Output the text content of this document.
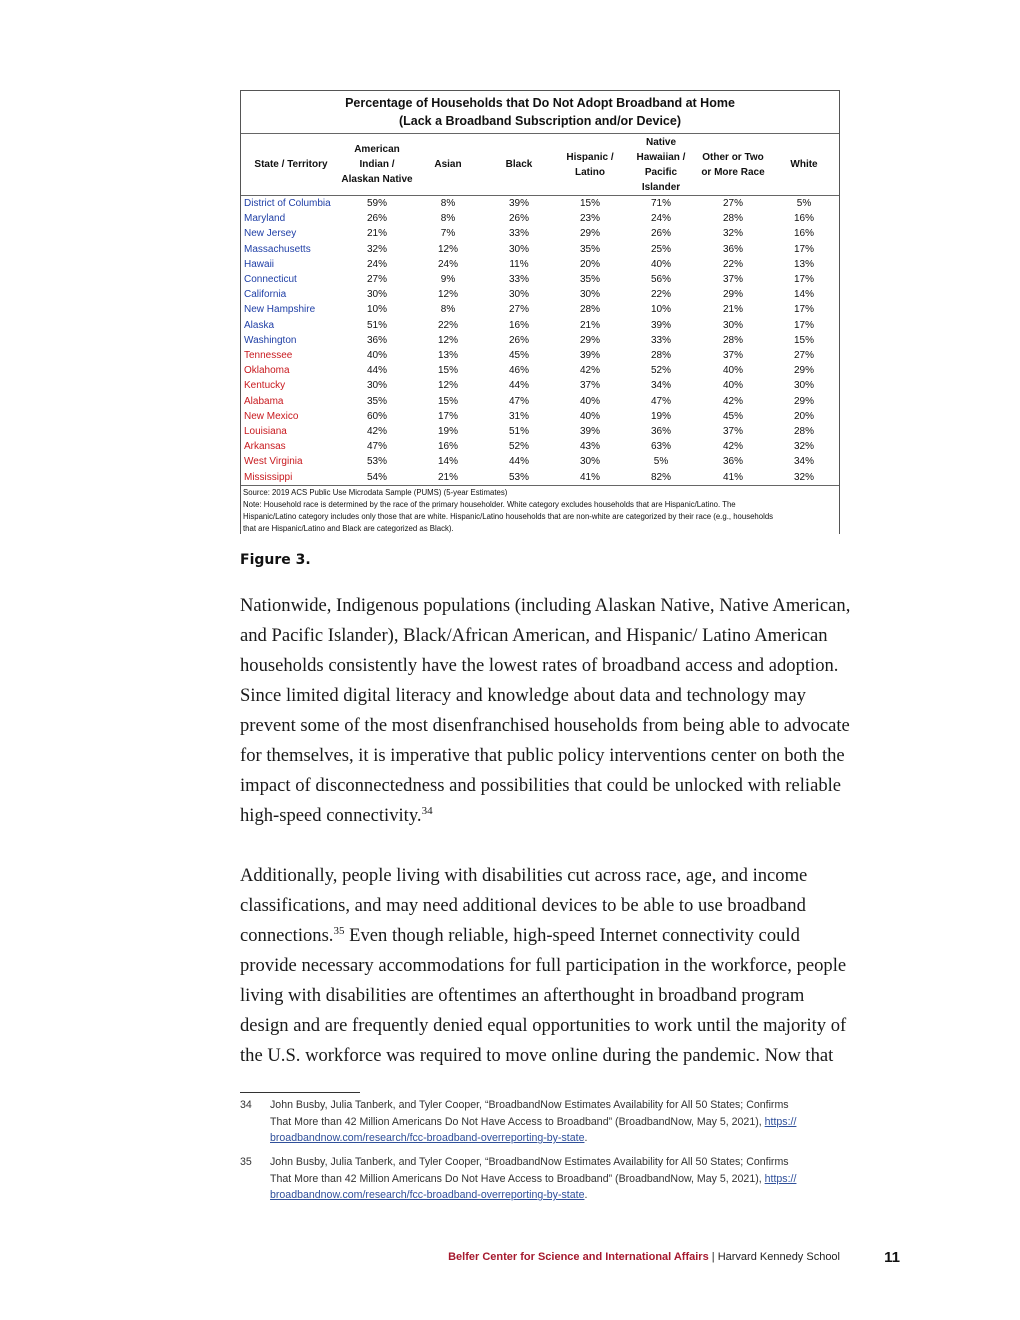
Percentage of Households that Do Not Adopt Broadband at Home
(Lack a Broadband Subscription and/or Device)
State / Territory	American Indian / Alaskan Native	Asian	Black	Hispanic / Latino	Native Hawaiian / Pacific Islander	Other or Two or More Race	White
District of Columbia	59%	8%	39%	15%	71%	27%	5%
Maryland	26%	8%	26%	23%	24%	28%	16%
New Jersey	21%	7%	33%	29%	26%	32%	16%
Massachusetts	32%	12%	30%	35%	25%	36%	17%
Hawaii	24%	24%	11%	20%	40%	22%	13%
Connecticut	27%	9%	33%	35%	56%	37%	17%
California	30%	12%	30%	30%	22%	29%	14%
New Hampshire	10%	8%	27%	28%	10%	21%	17%
Alaska	51%	22%	16%	21%	39%	30%	17%
Washington	36%	12%	26%	29%	33%	28%	15%
Tennessee	40%	13%	45%	39%	28%	37%	27%
Oklahoma	44%	15%	46%	42%	52%	40%	29%
Kentucky	30%	12%	44%	37%	34%	40%	30%
Alabama	35%	15%	47%	40%	47%	42%	29%
New Mexico	60%	17%	31%	40%	19%	45%	20%
Louisiana	42%	19%	51%	39%	36%	37%	28%
Arkansas	47%	16%	52%	43%	63%	42%	32%
West Virginia	53%	14%	44%	30%	5%	36%	34%
Mississippi	54%	21%	53%	41%	82%	41%	32%
Source: 2019 ACS Public Use Microdata Sample (PUMS) (5-year Estimates)
Note: Household race is determined by the race of the primary householder. White category excludes households that are Hispanic/Latino. The
Hispanic/Latino category includes only those that are white. Hispanic/Latino households that are non-white are categorized by their race (e.g., households
that are Hispanic/Latino and Black are categorized as Black).
Figure 3.
Nationwide, Indigenous populations (including Alaskan Native, Native American,
and Pacific Islander), Black/African American, and Hispanic/ Latino American
households consistently have the lowest rates of broadband access and adoption.
Since limited digital literacy and knowledge about data and technology may
prevent some of the most disenfranchised households from being able to advocate
for themselves, it is imperative that public policy interventions center on both the
impact of disconnectedness and possibilities that could be unlocked with reliable
high-speed connectivity.$^{34}$
Additionally, people living with disabilities cut across race, age, and income
classifications, and may need additional devices to be able to use broadband
connections.$^{35}$ Even though reliable, high-speed Internet connectivity could
provide necessary accommodations for full participation in the workforce, people
living with disabilities are oftentimes an afterthought in broadband program
design and are frequently denied equal opportunities to work until the majority of
the U.S. workforce was required to move online during the pandemic. Now that
34 John Busby, Julia Tanberk, and Tyler Cooper, “BroadbandNow Estimates Availability for All 50 States; Confirms
That More than 42 Million Americans Do Not Have Access to Broadband” (BroadbandNow, May 5, 2021), https://
broadbandnow.com/research/fcc-broadband-overreporting-by-state.
35 John Busby, Julia Tanberk, and Tyler Cooper, “BroadbandNow Estimates Availability for All 50 States; Confirms
That More than 42 Million Americans Do Not Have Access to Broadband” (BroadbandNow, May 5, 2021), https://
broadbandnow.com/research/fcc-broadband-overreporting-by-state.
Belfer Center for Science and International Affairs | Harvard Kennedy School	11
